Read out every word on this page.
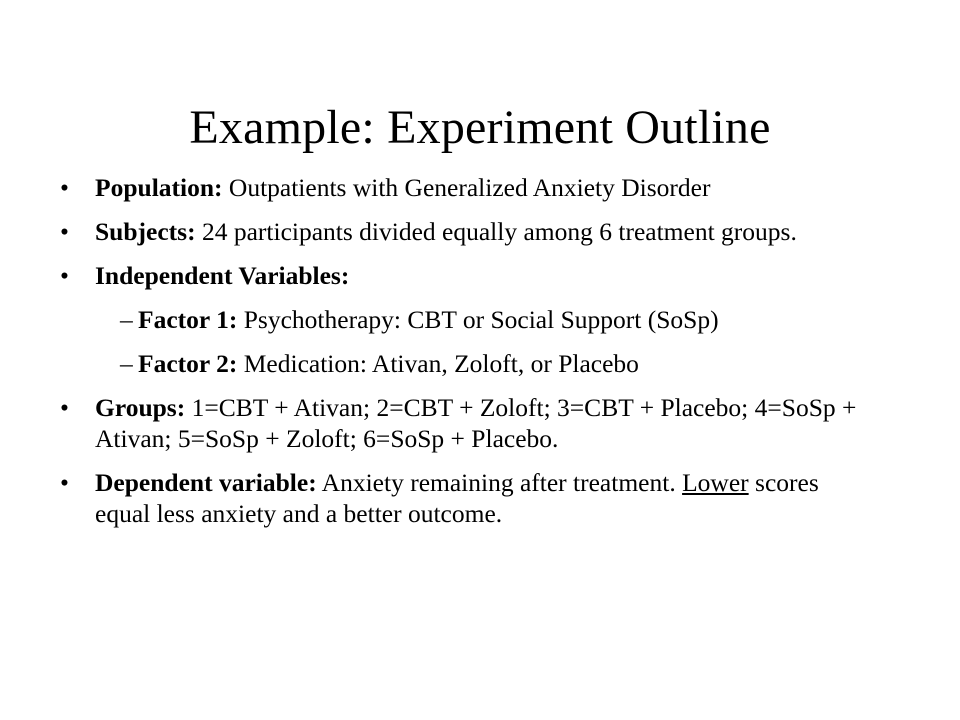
Example: Experiment Outline
• Population: Outpatients with Generalized Anxiety Disorder
• Subjects: 24 participants divided equally among 6 treatment groups.
• Independent Variables:
– Factor 1: Psychotherapy: CBT or Social Support (SoSp)
– Factor 2: Medication: Ativan, Zoloft, or Placebo
• Groups: 1=CBT + Ativan; 2=CBT + Zoloft; 3=CBT + Placebo; 4=SoSp + Ativan; 5=SoSp + Zoloft; 6=SoSp + Placebo.
• Dependent variable: Anxiety remaining after treatment. Lower scores equal less anxiety and a better outcome.
